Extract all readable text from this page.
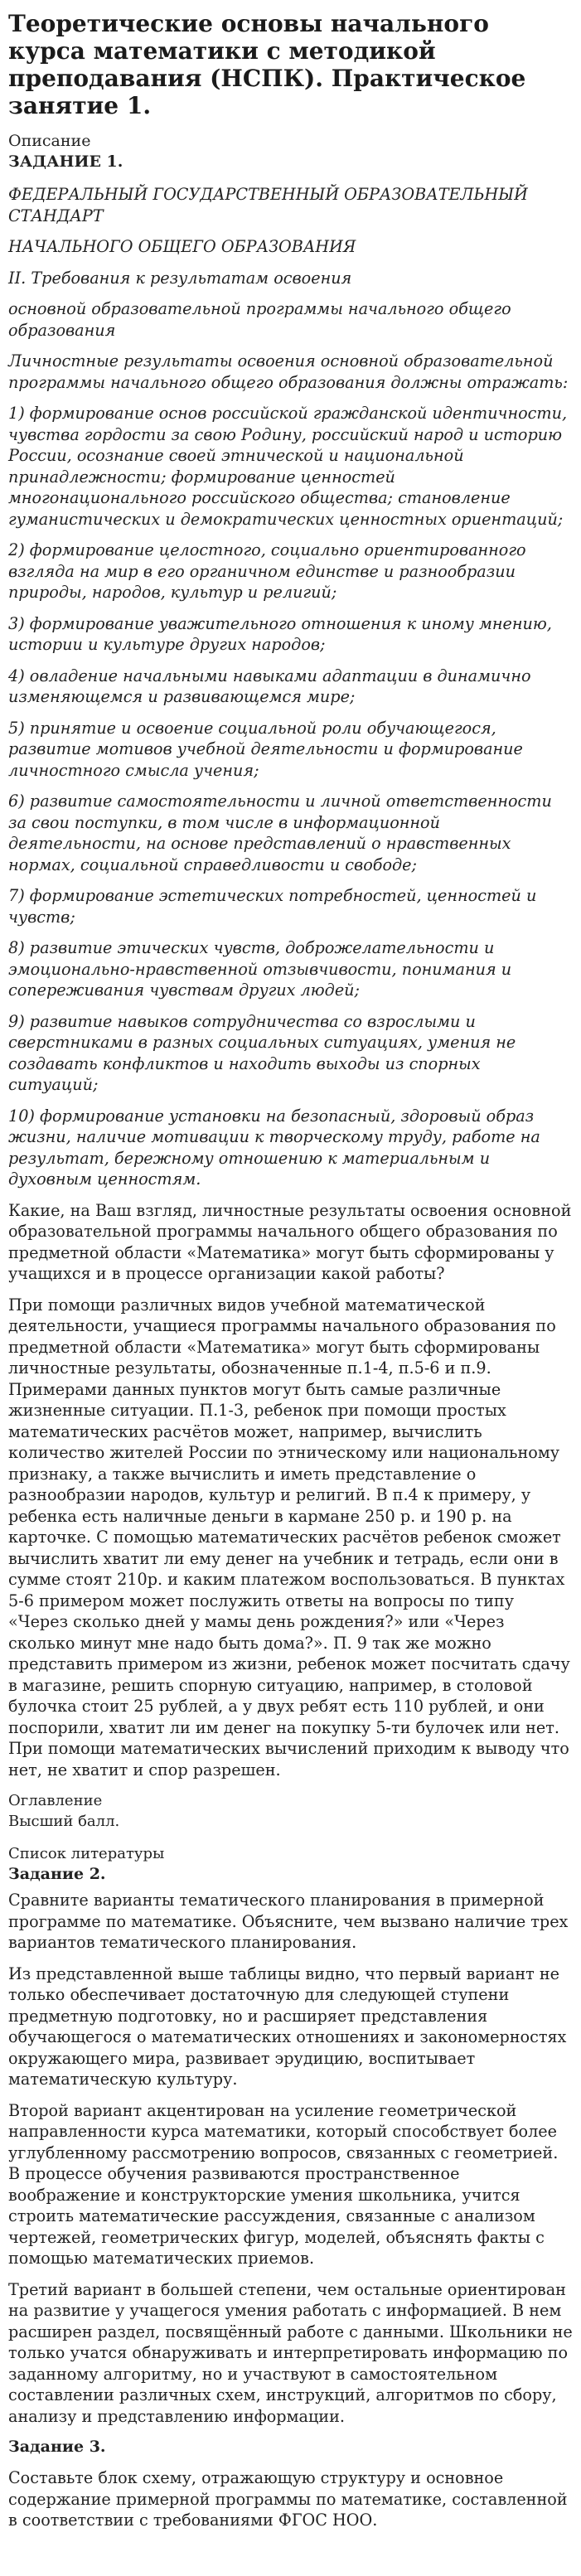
Теоретические основы начального курса математики с методикой преподавания (НСПК). Практическое занятие 1.
Описание
ЗАДАНИЕ 1.

ФЕДЕРАЛЬНЫЙ ГОСУДАРСТВЕННЫЙ ОБРАЗОВАТЕЛЬНЫЙ СТАНДАРТ

НАЧАЛЬНОГО ОБЩЕГО ОБРАЗОВАНИЯ

II. Требования к результатам освоения

основной образовательной программы начального общего образования

Личностные результаты освоения основной образовательной программы начального общего образования должны отражать:

1) формирование основ российской гражданской идентичности, чувства гордости за свою Родину, российский народ и историю России, осознание своей этнической и национальной принадлежности; формирование ценностей многонационального российского общества; становление гуманистических и демократических ценностных ориентаций;

2) формирование целостного, социально ориентированного взгляда на мир в его органичном единстве и разнообразии природы, народов, культур и религий;

3) формирование уважительного отношения к иному мнению, истории и культуре других народов;

4) овладение начальными навыками адаптации в динамично изменяющемся и развивающемся мире;

5) принятие и освоение социальной роли обучающегося, развитие мотивов учебной деятельности и формирование личностного смысла учения;

6) развитие самостоятельности и личной ответственности за свои поступки, в том числе в информационной деятельности, на основе представлений о нравственных нормах, социальной справедливости и свободе;

7) формирование эстетических потребностей, ценностей и чувств;

8) развитие этических чувств, доброжелательности и эмоционально-нравственной отзывчивости, понимания и сопереживания чувствам других людей;

9) развитие навыков сотрудничества со взрослыми и сверстниками в разных социальных ситуациях, умения не создавать конфликтов и находить выходы из спорных ситуаций;

10) формирование установки на безопасный, здоровый образ жизни, наличие мотивации к творческому труду, работе на результат, бережному отношению к материальным и духовным ценностям.

Какие, на Ваш взгляд, личностные результаты освоения основной образовательной программы начального общего образования по предметной области «Математика» могут быть сформированы у учащихся и в процессе организации какой работы?

При помощи различных видов учебной математической деятельности, учащиеся программы начального образования по предметной области «Математика» могут быть сформированы личностные результаты, обозначенные п.1-4, п.5-6 и п.9. Примерами данных пунктов могут быть самые различные жизненные ситуации. П.1-3, ребенок при помощи простых математических расчётов может, например, вычислить количество жителей России по этническому или национальному признаку, а также вычислить и иметь представление о разнообразии народов, культур и религий. В п.4 к примеру, у ребенка есть наличные деньги в кармане 250 р. и 190 р. на карточке. С помощью математических расчётов ребенок сможет вычислить хватит ли ему денег на учебник и тетрадь, если они в сумме стоят 210р. и каким платежом воспользоваться. В пунктах 5-6 примером может послужить ответы на вопросы по типу «Через сколько дней у мамы день рождения?» или «Через сколько минут мне надо быть дома?». П. 9 так же можно представить примером из жизни, ребенок может посчитать сдачу в магазине, решить спорную ситуацию, например, в столовой булочка стоит 25 рублей, а у двух ребят есть 110 рублей, и они поспорили, хватит ли им денег на покупку 5-ти булочек или нет. При помощи математических вычислений приходим к выводу что нет, не хватит и спор разрешен.

Оглавление
Высший балл.
Список литературы
Задание 2.

Сравните варианты тематического планирования в примерной программе по математике. Объясните, чем вызвано наличие трех вариантов тематического планирования.

Из представленной выше таблицы видно, что первый вариант не только обеспечивает достаточную для следующей ступени предметную подготовку, но и расширяет представления обучающегося о математических отношениях и закономерностях окружающего мира, развивает эрудицию, воспитывает математическую культуру.

Второй вариант акцентирован на усиление геометрической направленности курса математики, который способствует более углубленному рассмотрению вопросов, связанных с геометрией. В процессе обучения развиваются пространственное воображение и конструкторские умения школьника, учится строить математические рассуждения, связанные с анализом чертежей, геометрических фигур, моделей, объяснять факты с помощью математических приемов.

Третий вариант в большей степени, чем остальные ориентирован на развитие у учащегося умения работать с информацией. В нем расширен раздел, посвящённый работе с данными. Школьники не только учатся обнаруживать и интерпретировать информацию по заданному алгоритму, но и участвуют в самостоятельном составлении различных схем, инструкций, алгоритмов по сбору, анализу и представлению информации.

Задание 3.

Составьте блок схему, отражающую структуру и основное содержание примерной программы по математике, составленной в соответствии с требованиями ФГОС НОО.
